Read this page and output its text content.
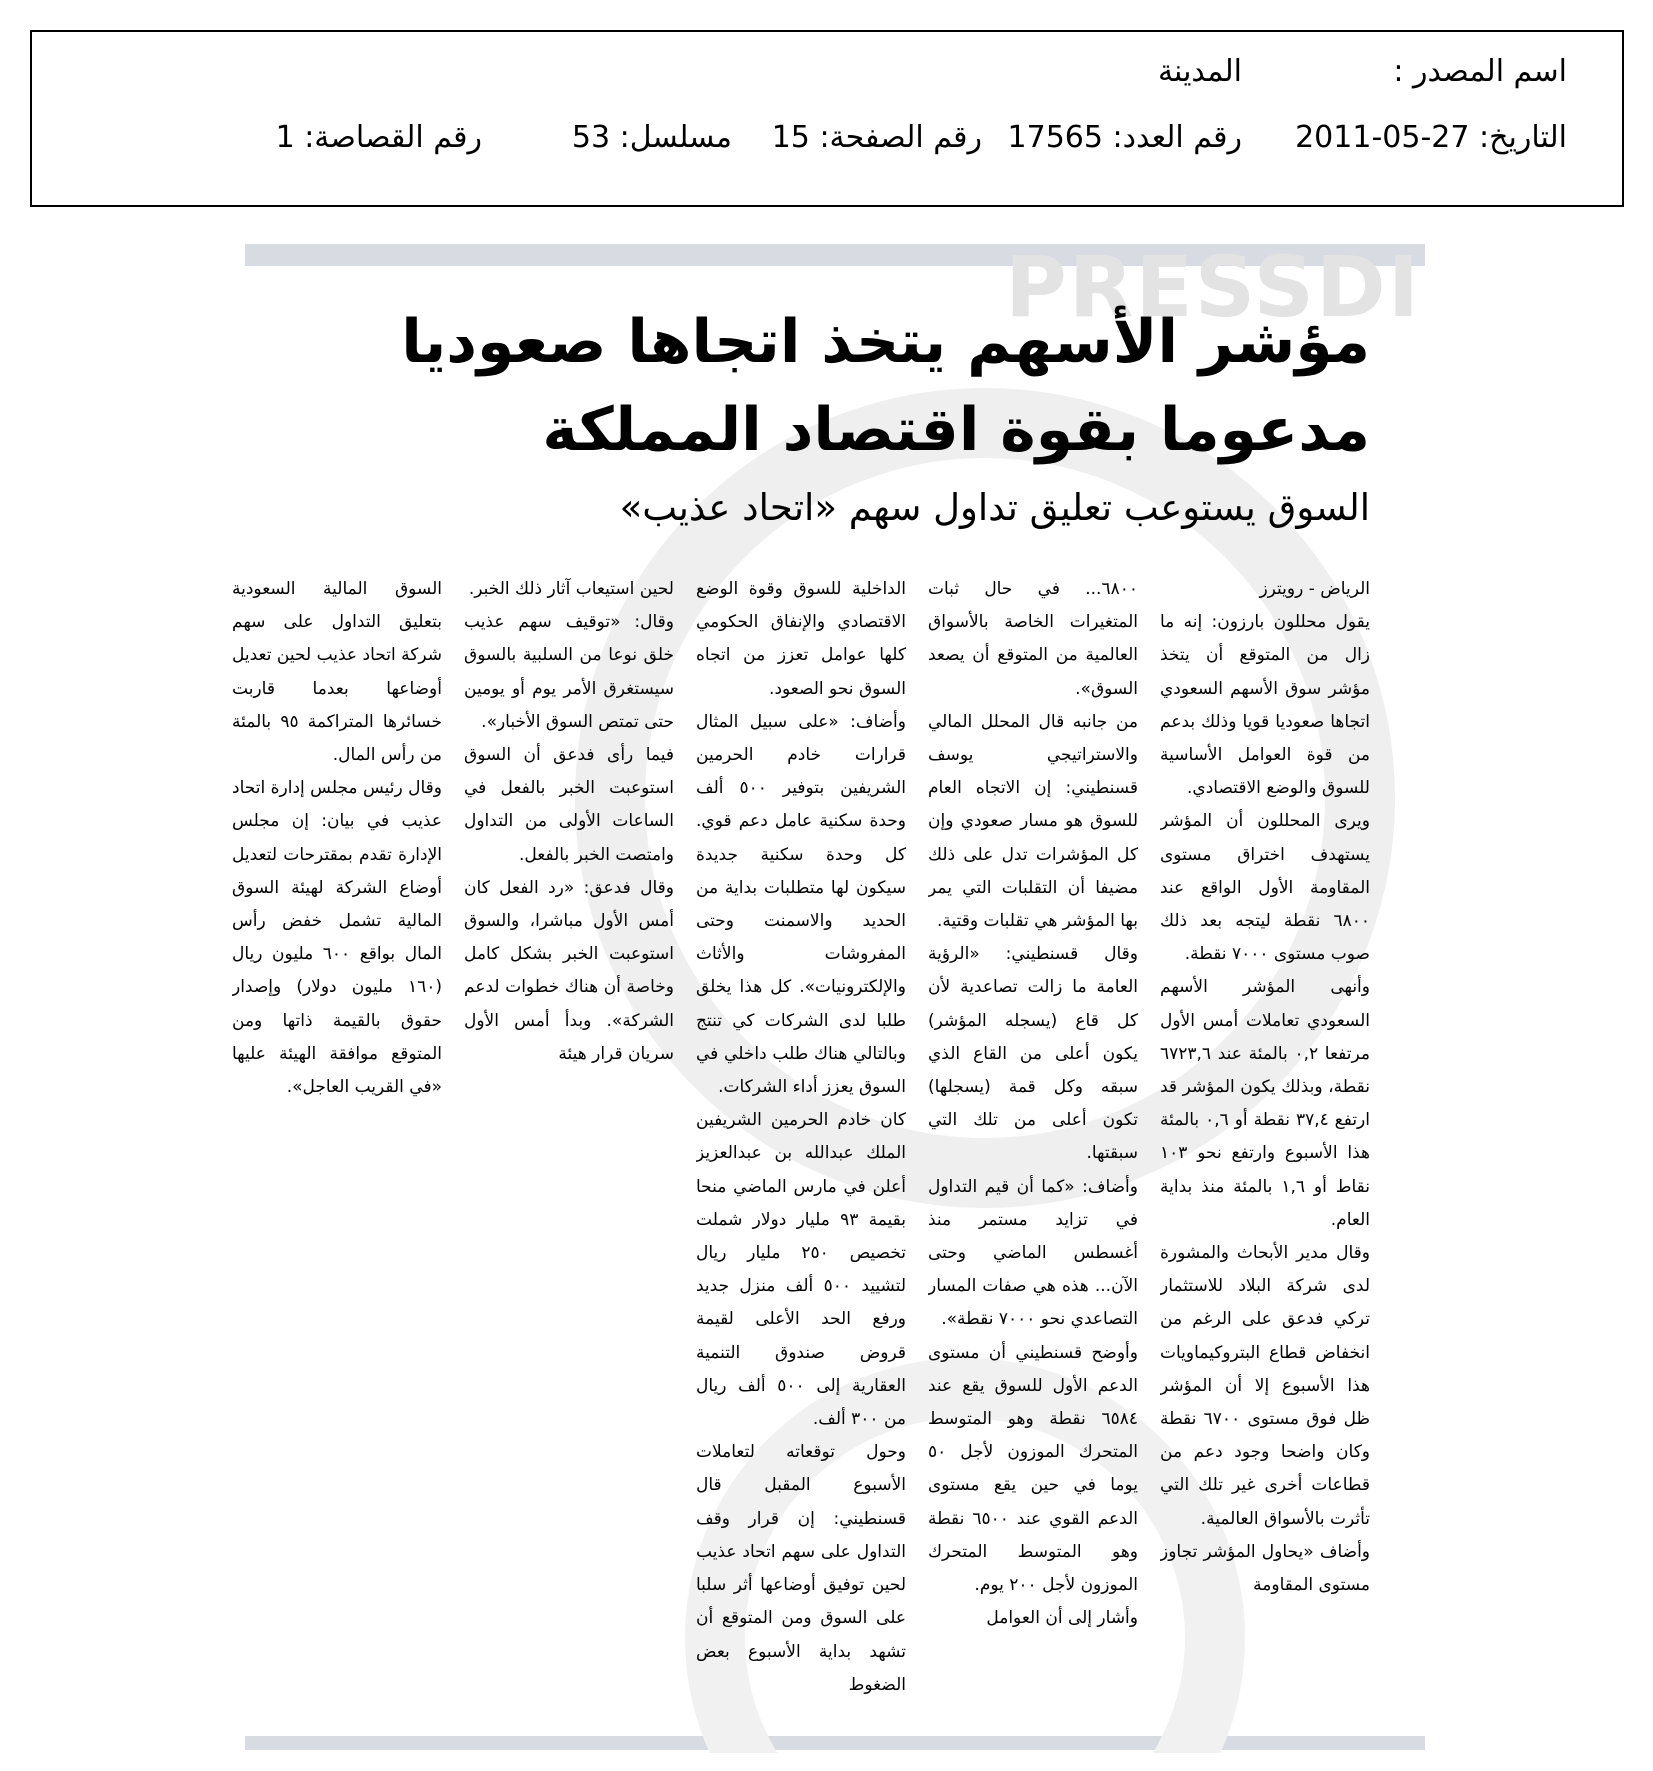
اسم المصدر :
المدينة
التاريخ: 27-05-2011
رقم العدد: 17565
رقم الصفحة: 15
مسلسل: 53
رقم القصاصة: 1
PRESSDI
مؤشر الأسهم يتخذ اتجاها صعوديا مدعوما بقوة اقتصاد المملكة
السوق يستوعب تعليق تداول سهم «اتحاد عذيب»

الرياض - رويترز

يقول محللون بارزون: إنه ما زال من المتوقع أن يتخذ مؤشر سوق الأسهم السعودي اتجاها صعوديا قويا وذلك بدعم من قوة العوامل الأساسية للسوق والوضع الاقتصادي.

ويرى المحللون أن المؤشر يستهدف اختراق مستوى المقاومة الأول الواقع عند ٦٨٠٠ نقطة ليتجه بعد ذلك صوب مستوى ٧٠٠٠ نقطة.

وأنهى المؤشر الأسهم السعودي تعاملات أمس الأول مرتفعا ٠,٢ بالمئة عند ٦٧٢٣,٦ نقطة، وبذلك يكون المؤشر قد ارتفع ٣٧,٤ نقطة أو ٠,٦ بالمئة هذا الأسبوع وارتفع نحو ١٠٣ نقاط أو ١,٦ بالمئة منذ بداية العام.

وقال مدير الأبحاث والمشورة لدى شركة البلاد للاستثمار تركي فدعق على الرغم من انخفاض قطاع البتروكيماويات هذا الأسبوع إلا أن المؤشر ظل فوق مستوى ٦٧٠٠ نقطة وكان واضحا وجود دعم من قطاعات أخرى غير تلك التي تأثرت بالأسواق العالمية.

وأضاف «يحاول المؤشر تجاوز مستوى المقاومة

٦٨٠٠... في حال ثبات المتغيرات الخاصة بالأسواق العالمية من المتوقع أن يصعد السوق».

من جانبه قال المحلل المالي والاستراتيجي يوسف قسنطيني: إن الاتجاه العام للسوق هو مسار صعودي وإن كل المؤشرات تدل على ذلك مضيفا أن التقلبات التي يمر بها المؤشر هي تقلبات وقتية.

وقال قسنطيني: «الرؤية العامة ما زالت تصاعدية لأن كل قاع (يسجله المؤشر) يكون أعلى من القاع الذي سبقه وكل قمة (يسجلها) تكون أعلى من تلك التي سبقتها.

وأضاف: «كما أن قيم التداول في تزايد مستمر منذ أغسطس الماضي وحتى الآن... هذه هي صفات المسار التصاعدي نحو ٧٠٠٠ نقطة».

وأوضح قسنطيني أن مستوى الدعم الأول للسوق يقع عند ٦٥٨٤ نقطة وهو المتوسط المتحرك الموزون لأجل ٥٠ يوما في حين يقع مستوى الدعم القوي عند ٦٥٠٠ نقطة وهو المتوسط المتحرك الموزون لأجل ٢٠٠ يوم.

وأشار إلى أن العوامل

الداخلية للسوق وقوة الوضع الاقتصادي والإنفاق الحكومي كلها عوامل تعزز من اتجاه السوق نحو الصعود.

وأضاف: «على سبيل المثال قرارات خادم الحرمين الشريفين بتوفير ٥٠٠ ألف وحدة سكنية عامل دعم قوي. كل وحدة سكنية جديدة سيكون لها متطلبات بداية من الحديد والاسمنت وحتى المفروشات والأثاث والإلكترونيات». كل هذا يخلق طلبا لدى الشركات كي تنتج وبالتالي هناك طلب داخلي في السوق يعزز أداء الشركات.

كان خادم الحرمين الشريفين الملك عبدالله بن عبدالعزيز أعلن في مارس الماضي منحا بقيمة ٩٣ مليار دولار شملت تخصيص ٢٥٠ مليار ريال لتشييد ٥٠٠ ألف منزل جديد ورفع الحد الأعلى لقيمة قروض صندوق التنمية العقارية إلى ٥٠٠ ألف ريال من ٣٠٠ ألف.

وحول توقعاته لتعاملات الأسبوع المقبل قال قسنطيني: إن قرار وقف التداول على سهم اتحاد عذيب لحين توفيق أوضاعها أثر سلبا على السوق ومن المتوقع أن تشهد بداية الأسبوع بعض الضغوط

لحين استيعاب آثار ذلك الخبر.

وقال: «توقيف سهم عذيب خلق نوعا من السلبية بالسوق سيستغرق الأمر يوم أو يومين حتى تمتص السوق الأخبار».

فيما رأى فدعق أن السوق استوعبت الخبر بالفعل في الساعات الأولى من التداول وامتصت الخبر بالفعل.

وقال فدعق: «رد الفعل كان أمس الأول مباشرا، والسوق استوعبت الخبر بشكل كامل وخاصة أن هناك خطوات لدعم الشركة». وبدأ أمس الأول سريان قرار هيئة

السوق المالية السعودية بتعليق التداول على سهم شركة اتحاد عذيب لحين تعديل أوضاعها بعدما قاربت خسائرها المتراكمة ٩٥ بالمئة من رأس المال.

وقال رئيس مجلس إدارة اتحاد عذيب في بيان: إن مجلس الإدارة تقدم بمقترحات لتعديل أوضاع الشركة لهيئة السوق المالية تشمل خفض رأس المال بواقع ٦٠٠ مليون ريال (١٦٠ مليون دولار) وإصدار حقوق بالقيمة ذاتها ومن المتوقع موافقة الهيئة عليها «في القريب العاجل».
